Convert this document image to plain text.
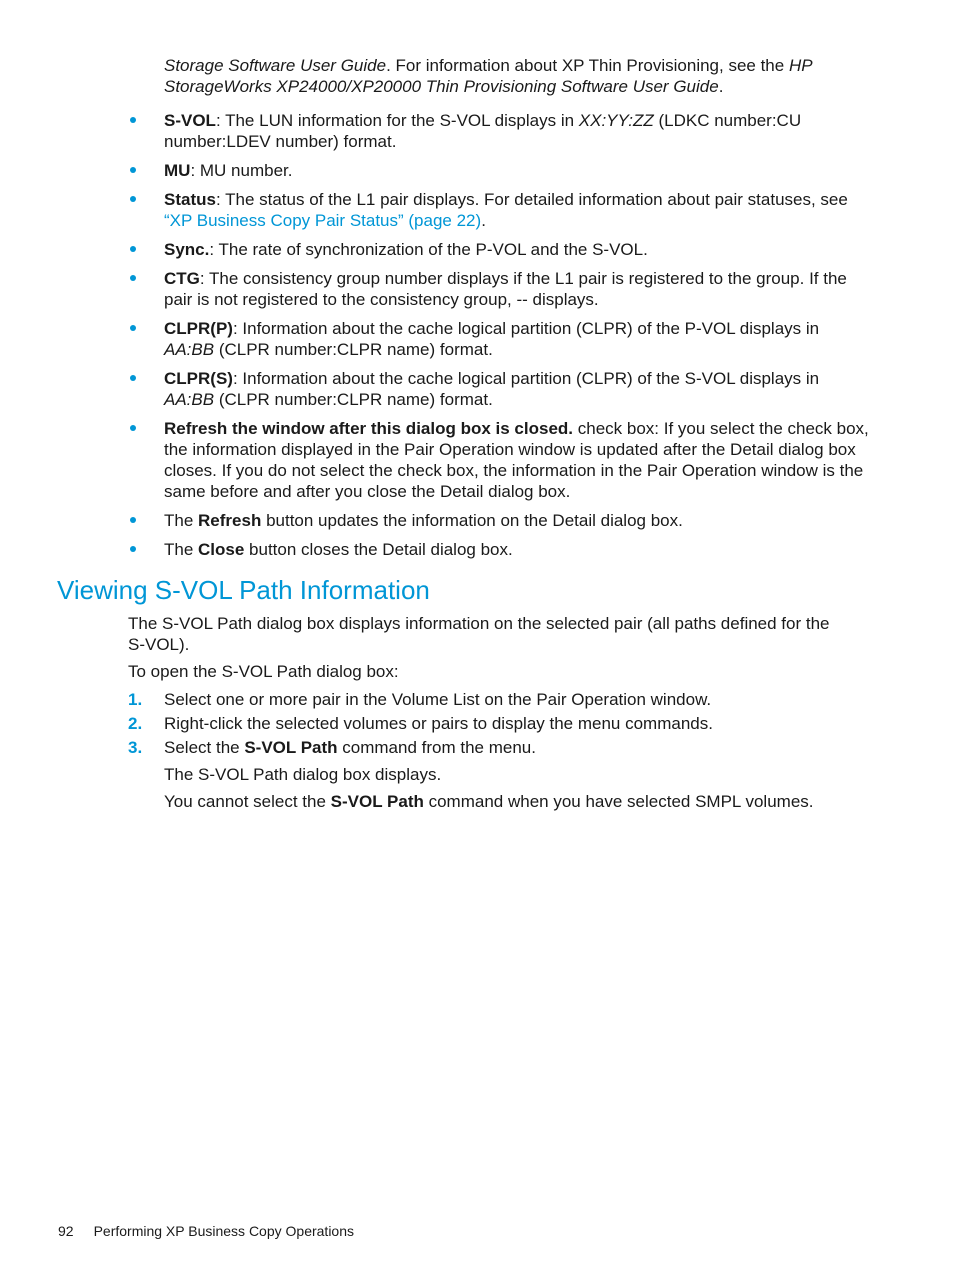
Storage Software User Guide. For information about XP Thin Provisioning, see the HP StorageWorks XP24000/XP20000 Thin Provisioning Software User Guide.

S-VOL: The LUN information for the S-VOL displays in XX:YY:ZZ (LDKC number:CU number:LDEV number) format.
MU: MU number.
Status: The status of the L1 pair displays. For detailed information about pair statuses, see “XP Business Copy Pair Status” (page 22).
Sync.: The rate of synchronization of the P-VOL and the S-VOL.
CTG: The consistency group number displays if the L1 pair is registered to the group. If the pair is not registered to the consistency group, -- displays.
CLPR(P): Information about the cache logical partition (CLPR) of the P-VOL displays in AA:BB (CLPR number:CLPR name) format.
CLPR(S): Information about the cache logical partition (CLPR) of the S-VOL displays in AA:BB (CLPR number:CLPR name) format.
Refresh the window after this dialog box is closed. check box: If you select the check box, the information displayed in the Pair Operation window is updated after the Detail dialog box closes. If you do not select the check box, the information in the Pair Operation window is the same before and after you close the Detail dialog box.
The Refresh button updates the information on the Detail dialog box.
The Close button closes the Detail dialog box.
Viewing S-VOL Path Information

The S-VOL Path dialog box displays information on the selected pair (all paths defined for the S-VOL).

To open the S-VOL Path dialog box:

1. Select one or more pair in the Volume List on the Pair Operation window.
2. Right-click the selected volumes or pairs to display the menu commands.
3. Select the S-VOL Path command from the menu.

The S-VOL Path dialog box displays.

You cannot select the S-VOL Path command when you have selected SMPL volumes.

92 Performing XP Business Copy Operations
